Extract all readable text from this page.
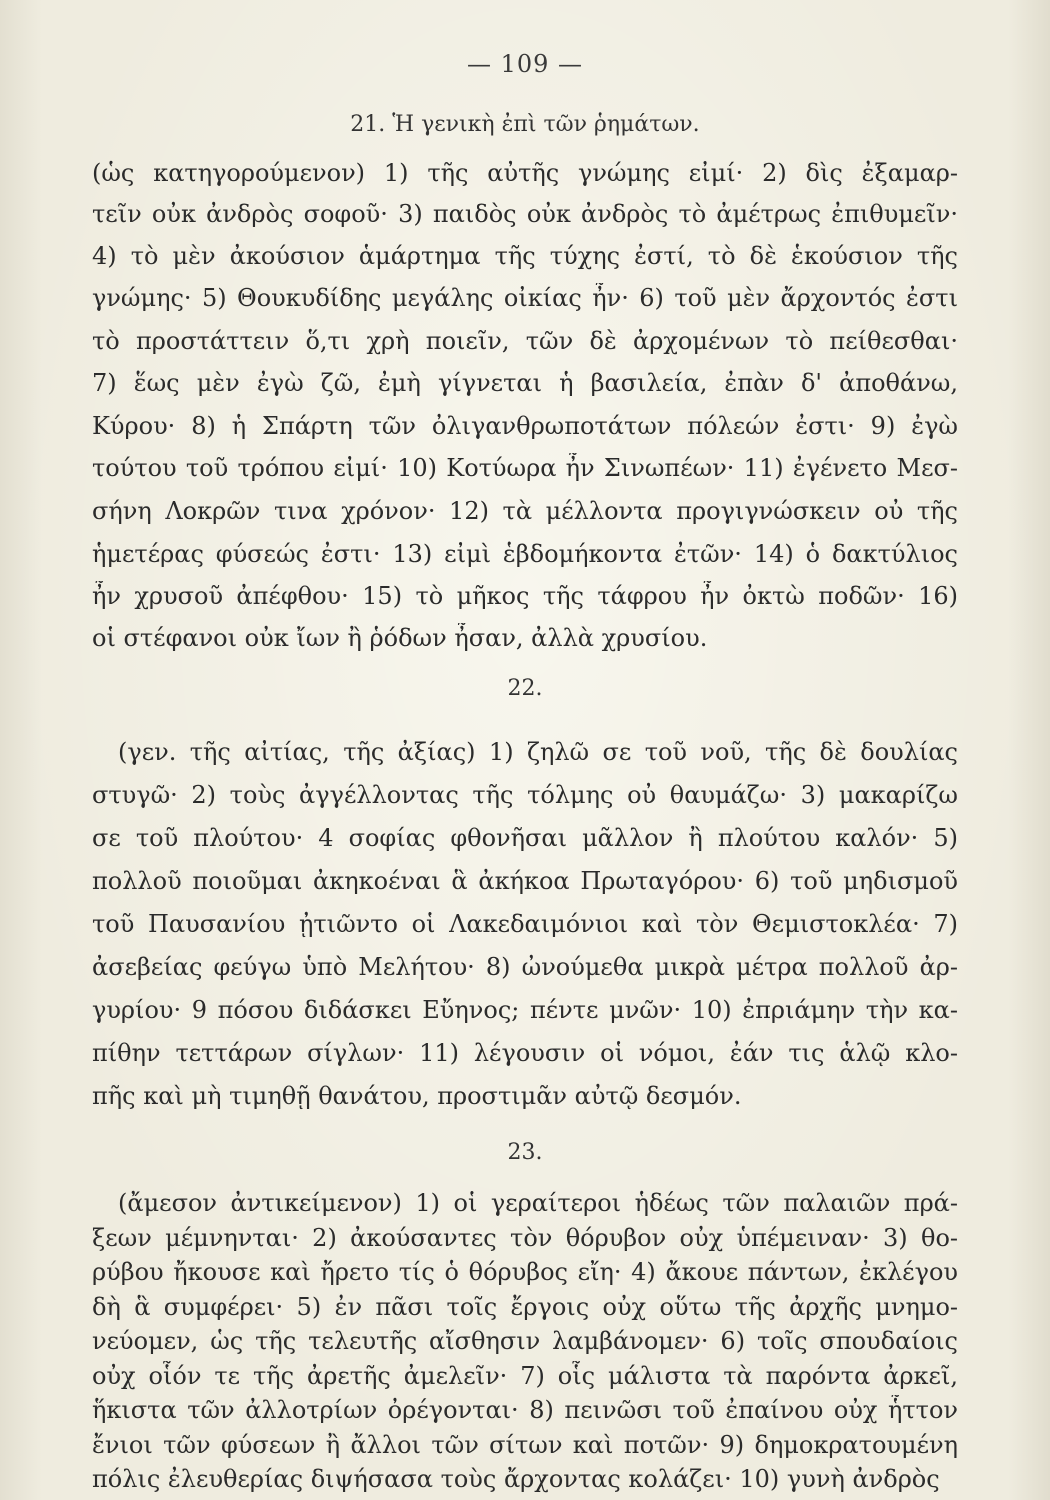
— 109 —
21. Ἡ γενικὴ ἐπὶ τῶν ῥημάτων.
(ὡς κατηγορούμενον) 1) τῆς αὐτῆς γνώμης εἰμί· 2) δὶς ἐξαμαρ-
τεῖν οὐκ ἀνδρὸς σοφοῦ· 3) παιδὸς οὐκ ἀνδρὸς τὸ ἀμέτρως ἐπιθυμεῖν·
4) τὸ μὲν ἀκούσιον ἁμάρτημα τῆς τύχης ἐστί, τὸ δὲ ἑκούσιον τῆς
γνώμης· 5) Θουκυδίδης μεγάλης οἰκίας ἦν· 6) τοῦ μὲν ἄρχοντός ἐστι
τὸ προστάττειν ὅ,τι χρὴ ποιεῖν, τῶν δὲ ἀρχομένων τὸ πείθεσθαι·
7) ἕως μὲν ἐγὼ ζῶ, ἐμὴ γίγνεται ἡ βασιλεία, ἐπὰν δ' ἀποθάνω,
Κύρου· 8) ἡ Σπάρτη τῶν ὀλιγανθρωποτάτων πόλεών ἐστι· 9) ἐγὼ
τούτου τοῦ τρόπου εἰμί· 10) Κοτύωρα ἦν Σινωπέων· 11) ἐγένετο Μεσ-
σήνη Λοκρῶν τινα χρόνον· 12) τὰ μέλλοντα προγιγνώσκειν οὐ τῆς
ἡμετέρας φύσεώς ἐστι· 13) εἰμὶ ἑβδομήκοντα ἐτῶν· 14) ὁ δακτύλιος
ἦν χρυσοῦ ἀπέφθου· 15) τὸ μῆκος τῆς τάφρου ἦν ὀκτὼ ποδῶν· 16)
οἱ στέφανοι οὐκ ἴων ἢ ῥόδων ἦσαν, ἀλλὰ χρυσίου.
22.
(γεν. τῆς αἰτίας, τῆς ἀξίας) 1) ζηλῶ σε τοῦ νοῦ, τῆς δὲ δουλίας
στυγῶ· 2) τοὺς ἀγγέλλοντας τῆς τόλμης οὐ θαυμάζω· 3) μακαρίζω
σε τοῦ πλούτου· 4 σοφίας φθονῆσαι μᾶλλον ἢ πλούτου καλόν· 5)
πολλοῦ ποιοῦμαι ἀκηκοέναι ἃ ἀκήκοα Πρωταγόρου· 6) τοῦ μηδισμοῦ
τοῦ Παυσανίου ᾐτιῶντο οἱ Λακεδαιμόνιοι καὶ τὸν Θεμιστοκλέα· 7)
ἀσεβείας φεύγω ὑπὸ Μελήτου· 8) ὠνούμεθα μικρὰ μέτρα πολλοῦ ἀρ-
γυρίου· 9 πόσου διδάσκει Εὔηνος; πέντε μνῶν· 10) ἐπριάμην τὴν κα-
πίθην τεττάρων σίγλων· 11) λέγουσιν οἱ νόμοι, ἐάν τις ἁλῷ κλο-
πῆς καὶ μὴ τιμηθῇ θανάτου, προστιμᾶν αὐτῷ δεσμόν.
23.
(ἄμεσον ἀντικείμενον) 1) οἱ γεραίτεροι ἡδέως τῶν παλαιῶν πρά-
ξεων μέμνηνται· 2) ἀκούσαντες τὸν θόρυβον οὐχ ὑπέμειναν· 3) θο-
ρύβου ἤκουσε καὶ ἤρετο τίς ὁ θόρυβος εἴη· 4) ἄκουε πάντων, ἐκλέγου
δὴ ἃ συμφέρει· 5) ἐν πᾶσι τοῖς ἔργοις οὐχ οὕτω τῆς ἀρχῆς μνημο-
νεύομεν, ὡς τῆς τελευτῆς αἴσθησιν λαμβάνομεν· 6) τοῖς σπουδαίοις
οὐχ οἷόν τε τῆς ἀρετῆς ἀμελεῖν· 7) οἷς μάλιστα τὰ παρόντα ἀρκεῖ,
ἥκιστα τῶν ἀλλοτρίων ὀρέγονται· 8) πεινῶσι τοῦ ἐπαίνου οὐχ ἧττον
ἔνιοι τῶν φύσεων ἢ ἄλλοι τῶν σίτων καὶ ποτῶν· 9) δημοκρατουμένη
πόλις ἐλευθερίας διψήσασα τοὺς ἄρχοντας κολάζει· 10) γυνὴ ἀνδρὸς
